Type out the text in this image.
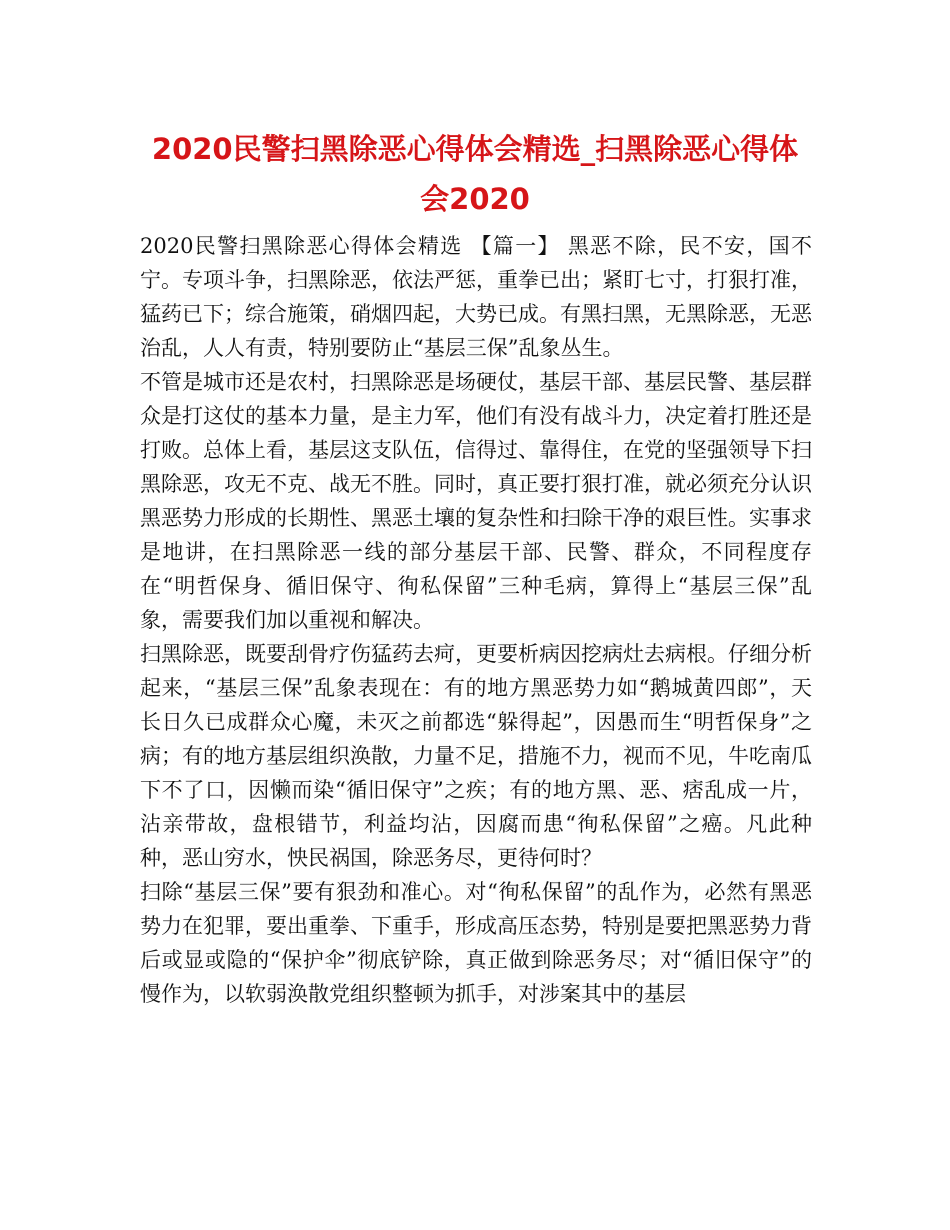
2020民警扫黑除恶心得体会精选_扫黑除恶心得体会2020

2020民警扫黑除恶心得体会精选 【篇一】 黑恶不除，民不安，国不宁。专项斗争，扫黑除恶，依法严惩，重拳已出；紧盯七寸，打狠打准，猛药已下；综合施策，硝烟四起，大势已成。有黑扫黑，无黑除恶，无恶治乱，人人有责，特别要防止“基层三保”乱象丛生。

不管是城市还是农村，扫黑除恶是场硬仗，基层干部、基层民警、基层群众是打这仗的基本力量，是主力军，他们有没有战斗力，决定着打胜还是打败。总体上看，基层这支队伍，信得过、靠得住，在党的坚强领导下扫黑除恶，攻无不克、战无不胜。同时，真正要打狠打准，就必须充分认识黑恶势力形成的长期性、黑恶土壤的复杂性和扫除干净的艰巨性。实事求是地讲，在扫黑除恶一线的部分基层干部、民警、群众，不同程度存在“明哲保身、循旧保守、徇私保留”三种毛病，算得上“基层三保”乱象，需要我们加以重视和解决。

扫黑除恶，既要刮骨疗伤猛药去疴，更要析病因挖病灶去病根。仔细分析起来，“基层三保”乱象表现在：有的地方黑恶势力如“鹅城黄四郎”，天长日久已成群众心魔，未灭之前都选“躲得起”，因愚而生“明哲保身”之病；有的地方基层组织涣散，力量不足，措施不力，视而不见，牛吃南瓜下不了口，因懒而染“循旧保守”之疾；有的地方黑、恶、痞乱成一片，沾亲带故，盘根错节，利益均沾，因腐而患“徇私保留”之癌。凡此种种，恶山穷水，怏民祸国，除恶务尽，更待何时？

扫除“基层三保”要有狠劲和准心。对“徇私保留”的乱作为，必然有黑恶势力在犯罪，要出重拳、下重手，形成高压态势，特别是要把黑恶势力背后或显或隐的“保护伞”彻底铲除，真正做到除恶务尽；对“循旧保守”的慢作为，以软弱涣散党组织整顿为抓手，对涉案其中的基层
